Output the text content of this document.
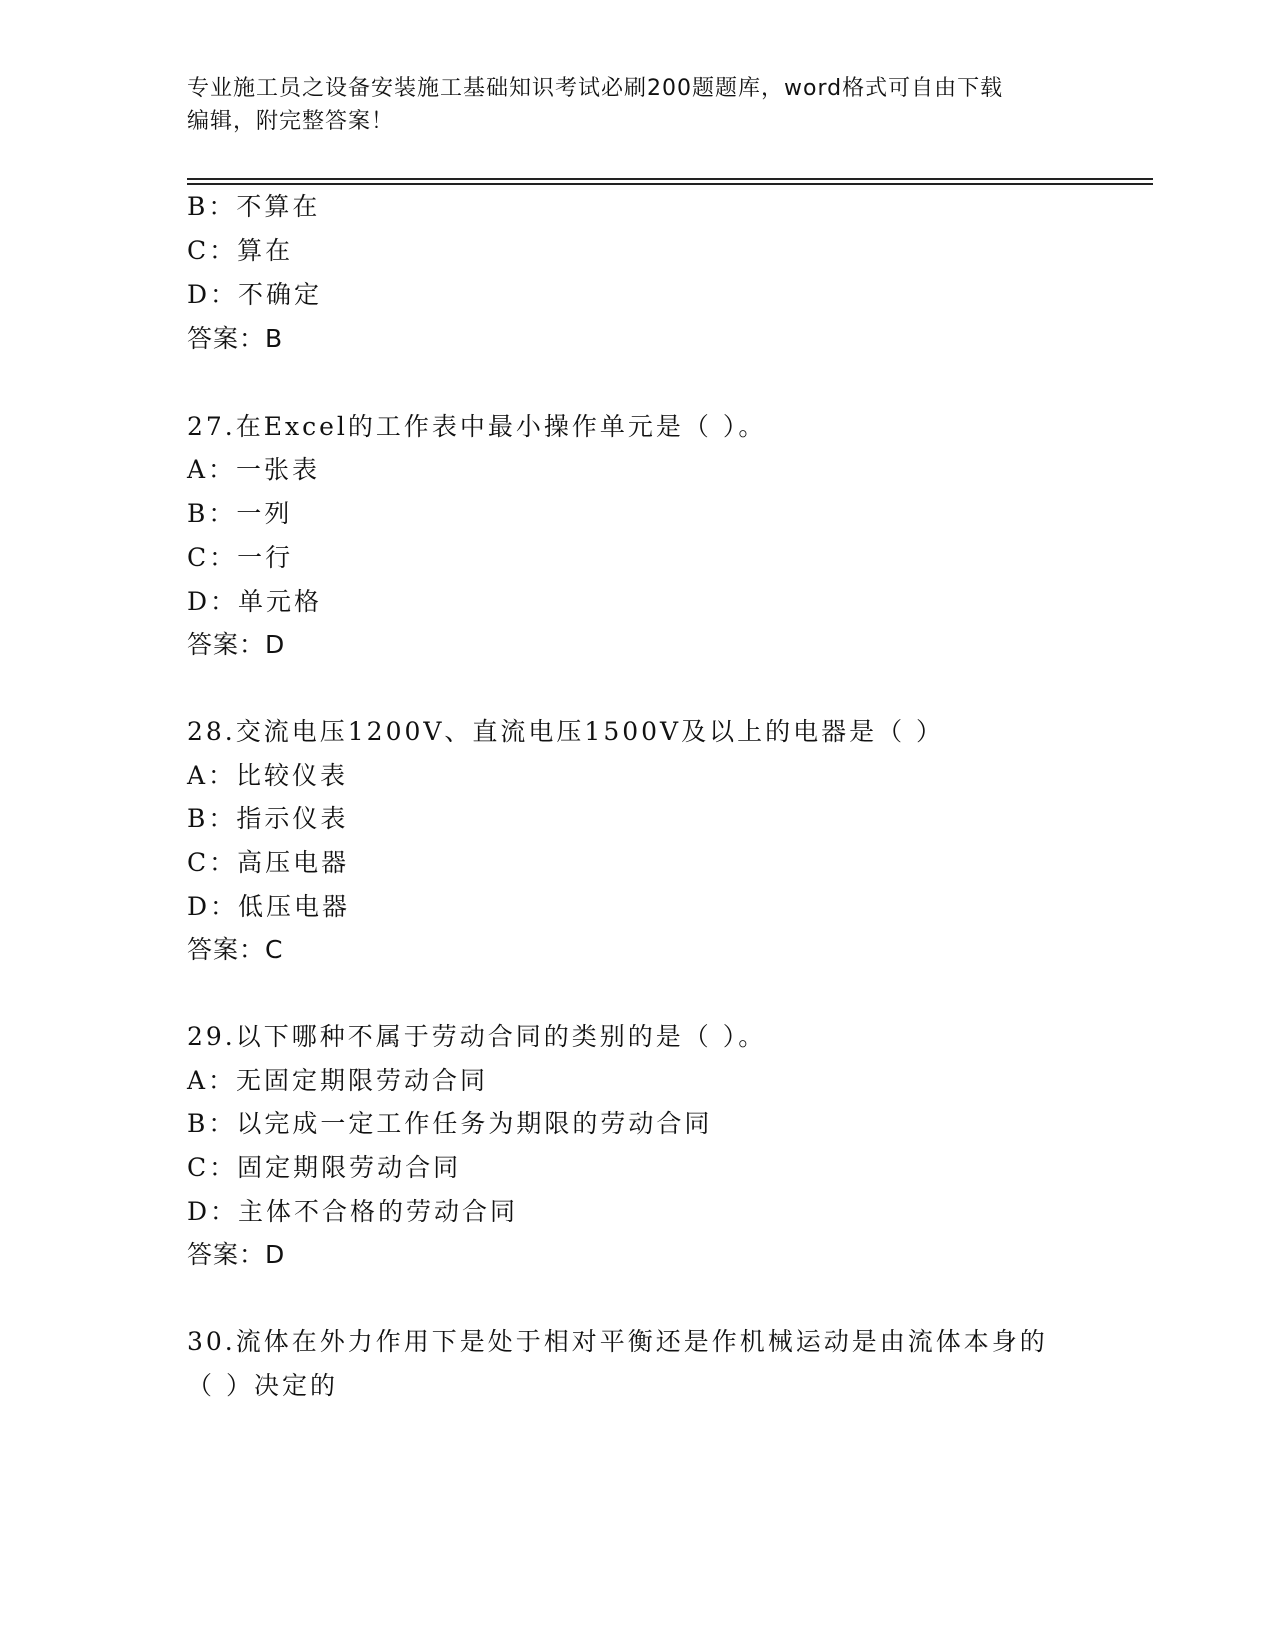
专业施工员之设备安装施工基础知识考试必刷200题题库，word格式可自由下载
编辑，附完整答案！
B：不算在
C：算在
D：不确定
答案：B
27.在Excel的工作表中最小操作单元是（ ）。
A：一张表
B：一列
C：一行
D：单元格
答案：D
28.交流电压1200V、直流电压1500V及以上的电器是（ ）
A：比较仪表
B：指示仪表
C：高压电器
D：低压电器
答案：C
29.以下哪种不属于劳动合同的类别的是（ ）。
A：无固定期限劳动合同
B：以完成一定工作任务为期限的劳动合同
C：固定期限劳动合同
D：主体不合格的劳动合同
答案：D
30.流体在外力作用下是处于相对平衡还是作机械运动是由流体本身的
（ ）决定的
